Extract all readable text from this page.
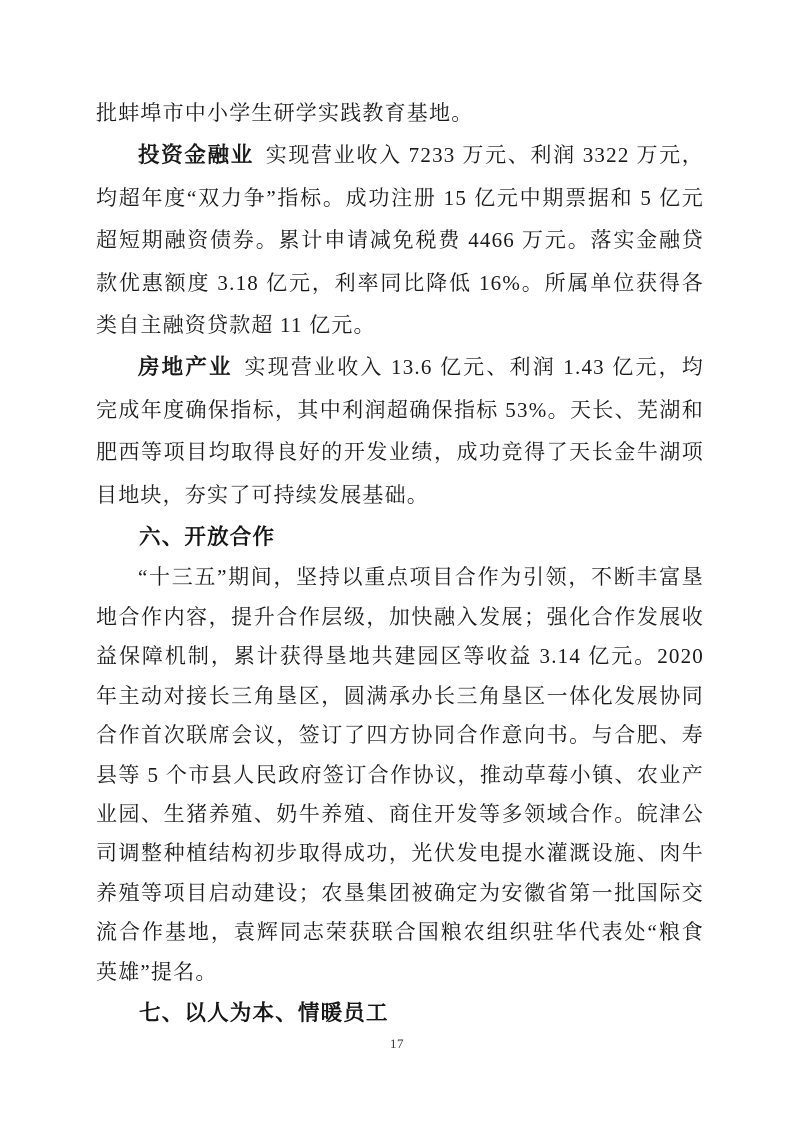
批蚌埠市中小学生研学实践教育基地。

投资金融业 实现营业收入 7233 万元、利润 3322 万元，均超年度“双力争”指标。成功注册 15 亿元中期票据和 5 亿元超短期融资债券。累计申请减免税费 4466 万元。落实金融贷款优惠额度 3.18 亿元，利率同比降低 16%。所属单位获得各类自主融资贷款超 11 亿元。

房地产业 实现营业收入 13.6 亿元、利润 1.43 亿元，均完成年度确保指标，其中利润超确保指标 53%。天长、芜湖和肥西等项目均取得良好的开发业绩，成功竞得了天长金牛湖项目地块，夯实了可持续发展基础。

六、开放合作

“十三五”期间，坚持以重点项目合作为引领，不断丰富垦地合作内容，提升合作层级，加快融入发展；强化合作发展收益保障机制，累计获得垦地共建园区等收益 3.14 亿元。2020 年主动对接长三角垦区，圆满承办长三角垦区一体化发展协同合作首次联席会议，签订了四方协同合作意向书。与合肥、寿县等 5 个市县人民政府签订合作协议，推动草莓小镇、农业产业园、生猪养殖、奶牛养殖、商住开发等多领域合作。皖津公司调整种植结构初步取得成功，光伏发电提水灌溉设施、肉牛养殖等项目启动建设；农垦集团被确定为安徽省第一批国际交流合作基地，袁辉同志荣获联合国粮农组织驻华代表处“粮食英雄”提名。

七、以人为本、情暖员工
17
